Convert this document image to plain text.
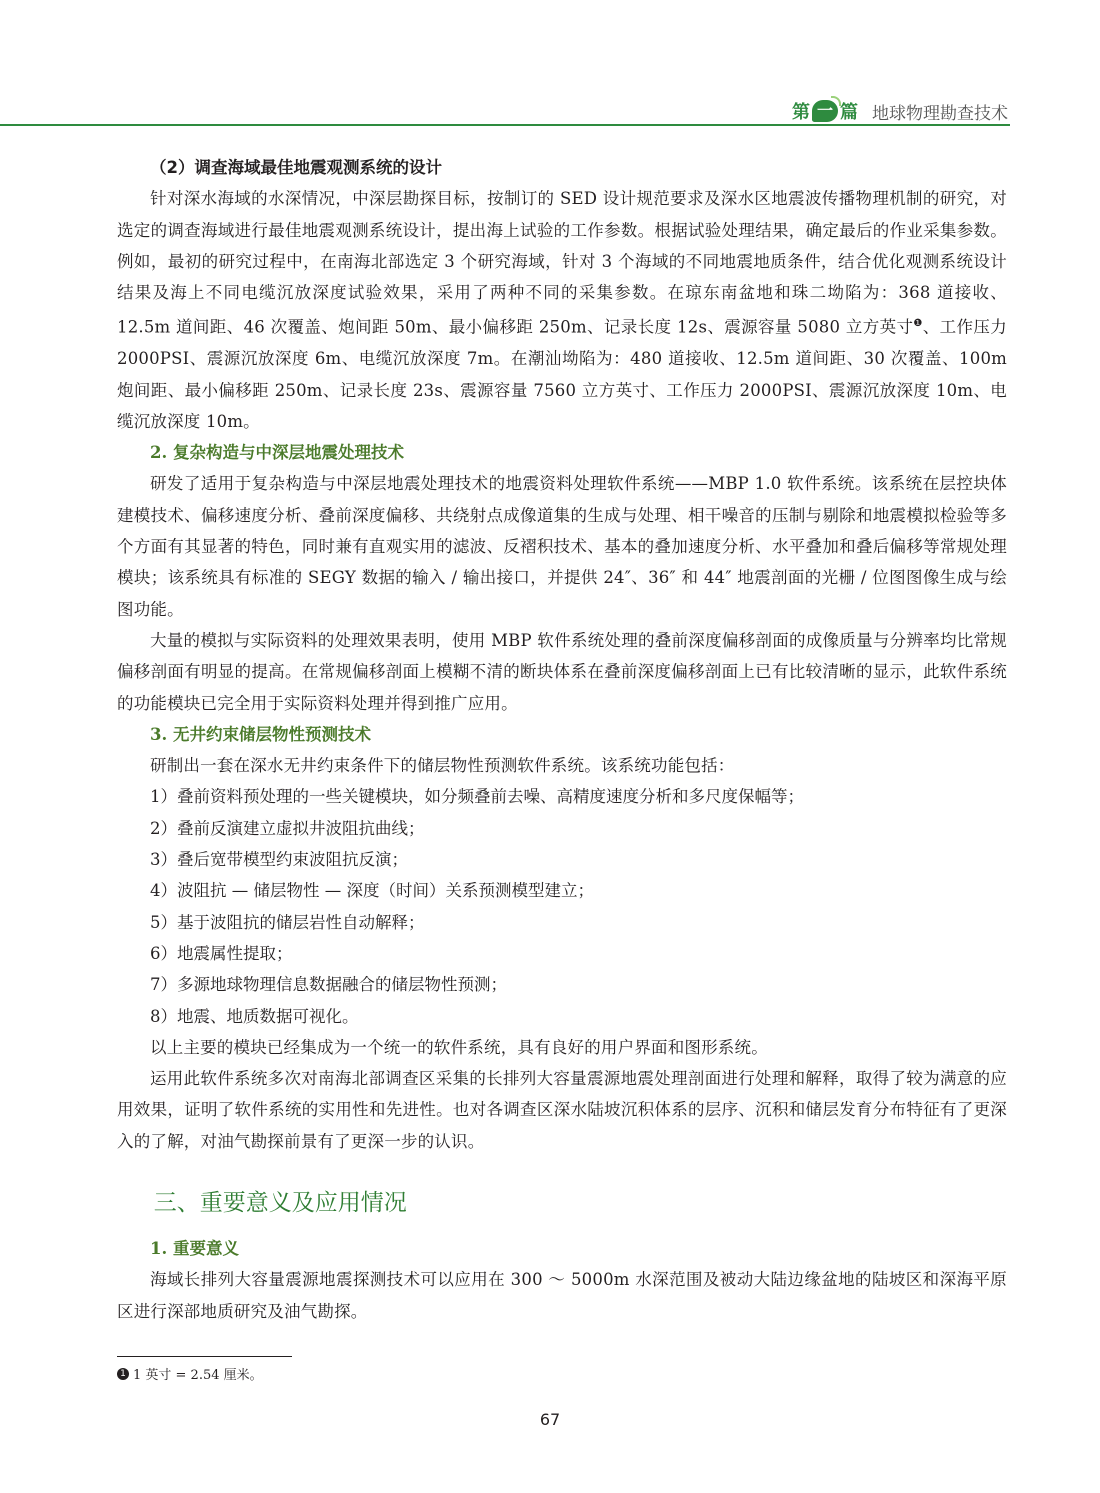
第 一 篇 地球物理勘查技术

（2）调查海域最佳地震观测系统的设计

针对深水海域的水深情况，中深层勘探目标，按制订的 SED 设计规范要求及深水区地震波传播物理机制的研究，对选定的调查海域进行最佳地震观测系统设计，提出海上试验的工作参数。根据试验处理结果，确定最后的作业采集参数。例如，最初的研究过程中，在南海北部选定 3 个研究海域，针对 3 个海域的不同地震地质条件，结合优化观测系统设计结果及海上不同电缆沉放深度试验效果，采用了两种不同的采集参数。在琼东南盆地和珠二坳陷为：368 道接收、12.5m 道间距、46 次覆盖、炮间距 50m、最小偏移距 250m、记录长度 12s、震源容量 5080 立方英寸$^❶$、工作压力 2000PSI、震源沉放深度 6m、电缆沉放深度 7m。在潮汕坳陷为：480 道接收、12.5m 道间距、30 次覆盖、100m 炮间距、最小偏移距 250m、记录长度 23s、震源容量 7560 立方英寸、工作压力 2000PSI、震源沉放深度 10m、电缆沉放深度 10m。

2. 复杂构造与中深层地震处理技术

研发了适用于复杂构造与中深层地震处理技术的地震资料处理软件系统——MBP 1.0 软件系统。该系统在层控块体建模技术、偏移速度分析、叠前深度偏移、共绕射点成像道集的生成与处理、相干噪音的压制与剔除和地震模拟检验等多个方面有其显著的特色，同时兼有直观实用的滤波、反褶积技术、基本的叠加速度分析、水平叠加和叠后偏移等常规处理模块；该系统具有标准的 SEGY 数据的输入 / 输出接口，并提供 24″、36″ 和 44″ 地震剖面的光栅 / 位图图像生成与绘图功能。

大量的模拟与实际资料的处理效果表明，使用 MBP 软件系统处理的叠前深度偏移剖面的成像质量与分辨率均比常规偏移剖面有明显的提高。在常规偏移剖面上模糊不清的断块体系在叠前深度偏移剖面上已有比较清晰的显示，此软件系统的功能模块已完全用于实际资料处理并得到推广应用。

3. 无井约束储层物性预测技术

研制出一套在深水无井约束条件下的储层物性预测软件系统。该系统功能包括：

1）叠前资料预处理的一些关键模块，如分频叠前去噪、高精度速度分析和多尺度保幅等；

2）叠前反演建立虚拟井波阻抗曲线；

3）叠后宽带模型约束波阻抗反演；

4）波阻抗 — 储层物性 — 深度（时间）关系预测模型建立；

5）基于波阻抗的储层岩性自动解释；

6）地震属性提取；

7）多源地球物理信息数据融合的储层物性预测；

8）地震、地质数据可视化。

以上主要的模块已经集成为一个统一的软件系统，具有良好的用户界面和图形系统。

运用此软件系统多次对南海北部调查区采集的长排列大容量震源地震处理剖面进行处理和解释，取得了较为满意的应用效果，证明了软件系统的实用性和先进性。也对各调查区深水陆坡沉积体系的层序、沉积和储层发育分布特征有了更深入的了解，对油气勘探前景有了更深一步的认识。

三、重要意义及应用情况

1. 重要意义

海域长排列大容量震源地震探测技术可以应用在 300 ～ 5000m 水深范围及被动大陆边缘盆地的陆坡区和深海平原区进行深部地质研究及油气勘探。

1 1 英寸 = 2.54 厘米。
67
